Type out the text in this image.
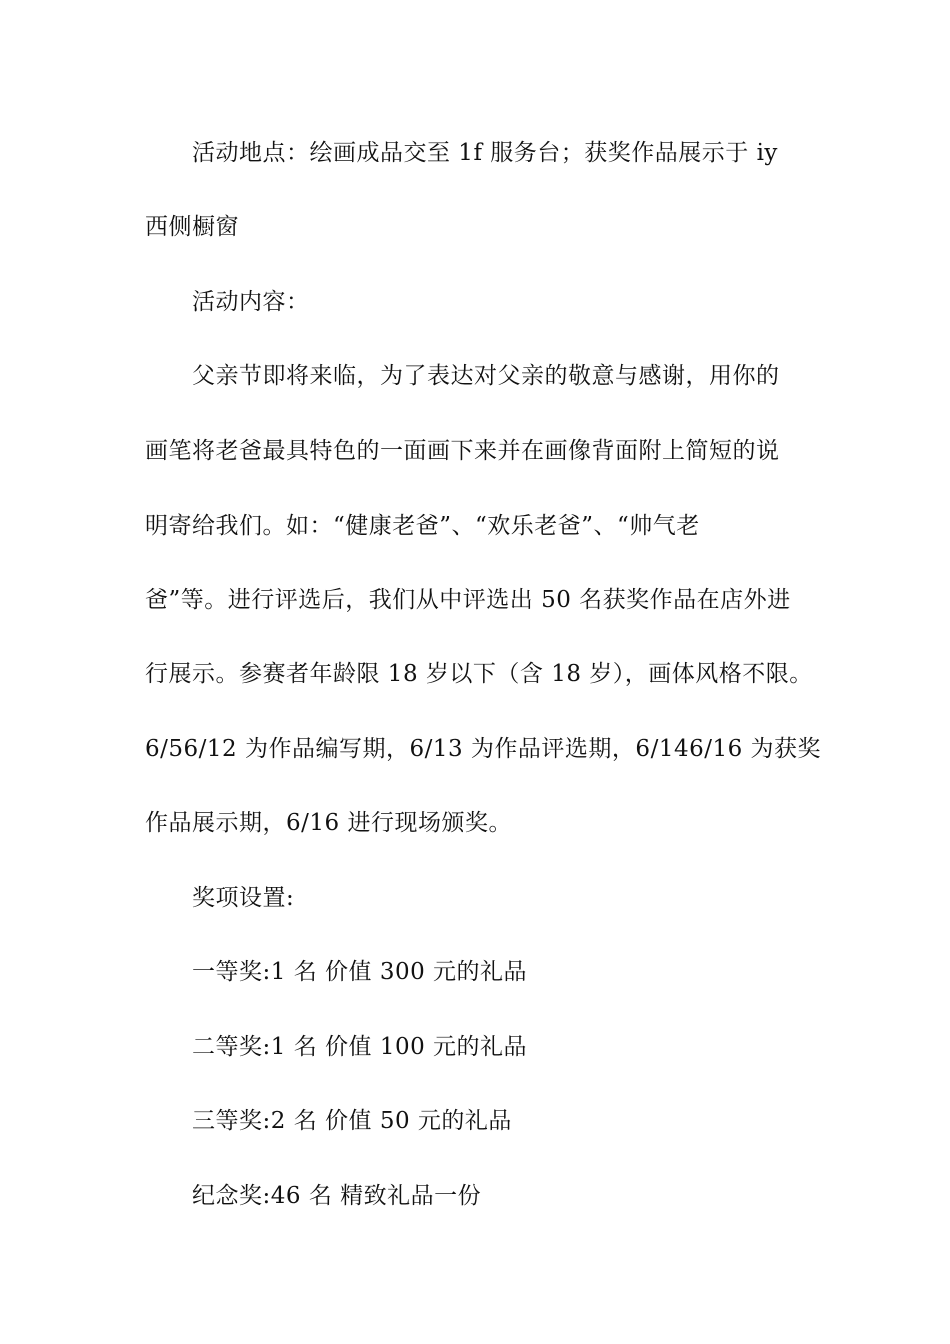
活动地点：绘画成品交至 1f 服务台；获奖作品展示于 iy
西侧橱窗
活动内容：
父亲节即将来临，为了表达对父亲的敬意与感谢，用你的
画笔将老爸最具特色的一面画下来并在画像背面附上简短的说
明寄给我们。如：“健康老爸”、“欢乐老爸”、“帅气老
爸”等。进行评选后，我们从中评选出 50 名获奖作品在店外进
行展示。参赛者年龄限 18 岁以下（含 18 岁），画体风格不限。
6/56/12 为作品编写期，6/13 为作品评选期，6/146/16 为获奖
作品展示期，6/16 进行现场颁奖。
奖项设置:
一等奖:1 名 价值 300 元的礼品
二等奖:1 名 价值 100 元的礼品
三等奖:2 名 价值 50 元的礼品
纪念奖:46 名 精致礼品一份
